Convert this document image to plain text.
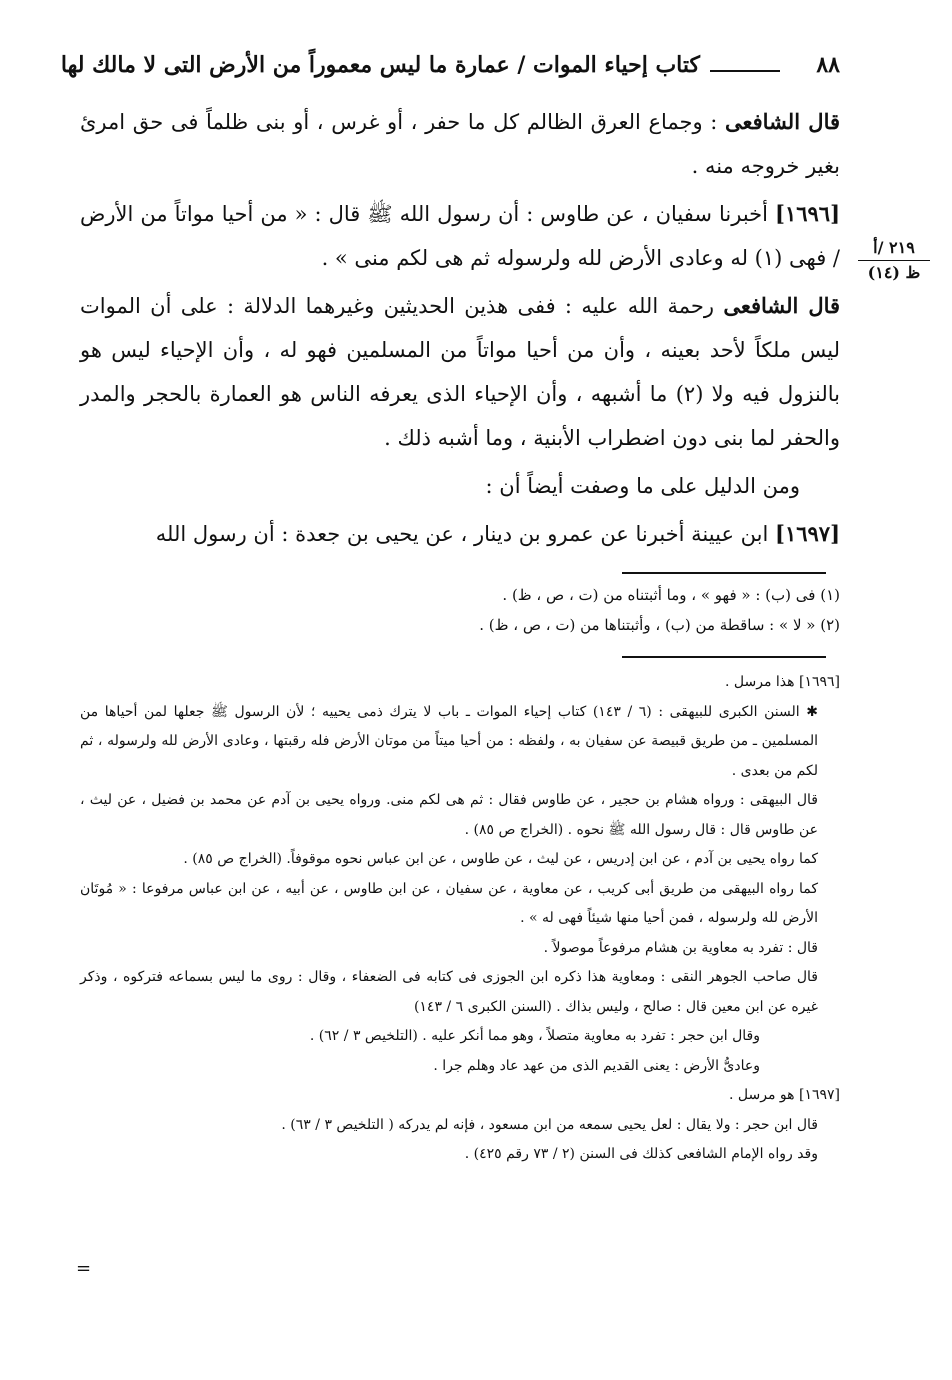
٨٨
كتاب إحياء الموات / عمارة ما ليس معموراً من الأرض التى لا مالك لها
٢١٩ /أ
ظ (١٤)

قال الشافعى : وجماع العرق الظالم كل ما حفر ، أو غرس ، أو بنى ظلماً فى حق امرئ بغير خروجه منه .

[١٦٩٦] أخبرنا سفيان ، عن طاوس : أن رسول الله ﷺ قال : « من أحيا مواتاً من الأرض / فهى (١) له وعادى الأرض لله ولرسوله ثم هى لكم منى » .

قال الشافعى رحمة الله عليه : ففى هذين الحديثين وغيرهما الدلالة : على أن الموات ليس ملكاً لأحد بعينه ، وأن من أحيا مواتاً من المسلمين فهو له ، وأن الإحياء ليس هو بالنزول فيه ولا (٢) ما أشبهه ، وأن الإحياء الذى يعرفه الناس هو العمارة بالحجر والمدر والحفر لما بنى دون اضطراب الأبنية ، وما أشبه ذلك .

ومن الدليل على ما وصفت أيضاً أن :

[١٦٩٧] ابن عيينة أخبرنا عن عمرو بن دينار ، عن يحيى بن جعدة : أن رسول الله

(١) فى (ب) : « فهو » ، وما أثبتناه من (ت ، ص ، ظ) .

(٢) « لا » : ساقطة من (ب) ، وأثبتناها من (ت ، ص ، ظ) .

[١٦٩٦] هذا مرسل .

✱ السنن الكبرى للبيهقى : (٦ / ١٤٣) كتاب إحياء الموات ـ باب لا يترك ذمى يحييه ؛ لأن الرسول ﷺ جعلها لمن أحياها من المسلمين ـ من طريق قبيصة عن سفيان به ، ولفظه : من أحيا ميتاً من موتان الأرض فله رقبتها ، وعادى الأرض لله ولرسوله ، ثم لكم من بعدى .

قال البيهقى : ورواه هشام بن حجير ، عن طاوس فقال : ثم هى لكم منى. ورواه يحيى بن آدم عن محمد بن فضيل ، عن ليث ، عن طاوس قال : قال رسول الله ﷺ نحوه . (الخراج ص ٨٥) .

كما رواه يحيى بن آدم ، عن ابن إدريس ، عن ليث ، عن طاوس ، عن ابن عباس نحوه موقوفاً. (الخراج ص ٨٥) .

كما رواه البيهقى من طريق أبى كريب ، عن معاوية ، عن سفيان ، عن ابن طاوس ، عن أبيه ، عن ابن عباس مرفوعا : « مُوتَان الأرض لله ولرسوله ، فمن أحيا منها شيئاً فهى له » .

قال : تفرد به معاوية بن هشام مرفوعاً موصولاً .

قال صاحب الجوهر النقى : ومعاوية هذا ذكره ابن الجوزى فى كتابه فى الضعفاء ، وقال : روى ما ليس بسماعه فتركوه ، وذكر غيره عن ابن معين قال : صالح ، وليس بذاك . (السنن الكبرى ٦ / ١٤٣)

وقال ابن حجر : تفرد به معاوية متصلاً ، وهو مما أنكر عليه . (التلخيص ٣ / ٦٢) .

وعادىُّ الأرض : يعنى القديم الذى من عهد عاد وهلم جرا .

[١٦٩٧] هو مرسل .

قال ابن حجر : ولا يقال : لعل يحيى سمعه من ابن مسعود ، فإنه لم يدركه ( التلخيص ٣ / ٦٣) .

وقد رواه الإمام الشافعى كذلك فى السنن (٢ / ٧٣ رقم ٤٢٥) .

=
